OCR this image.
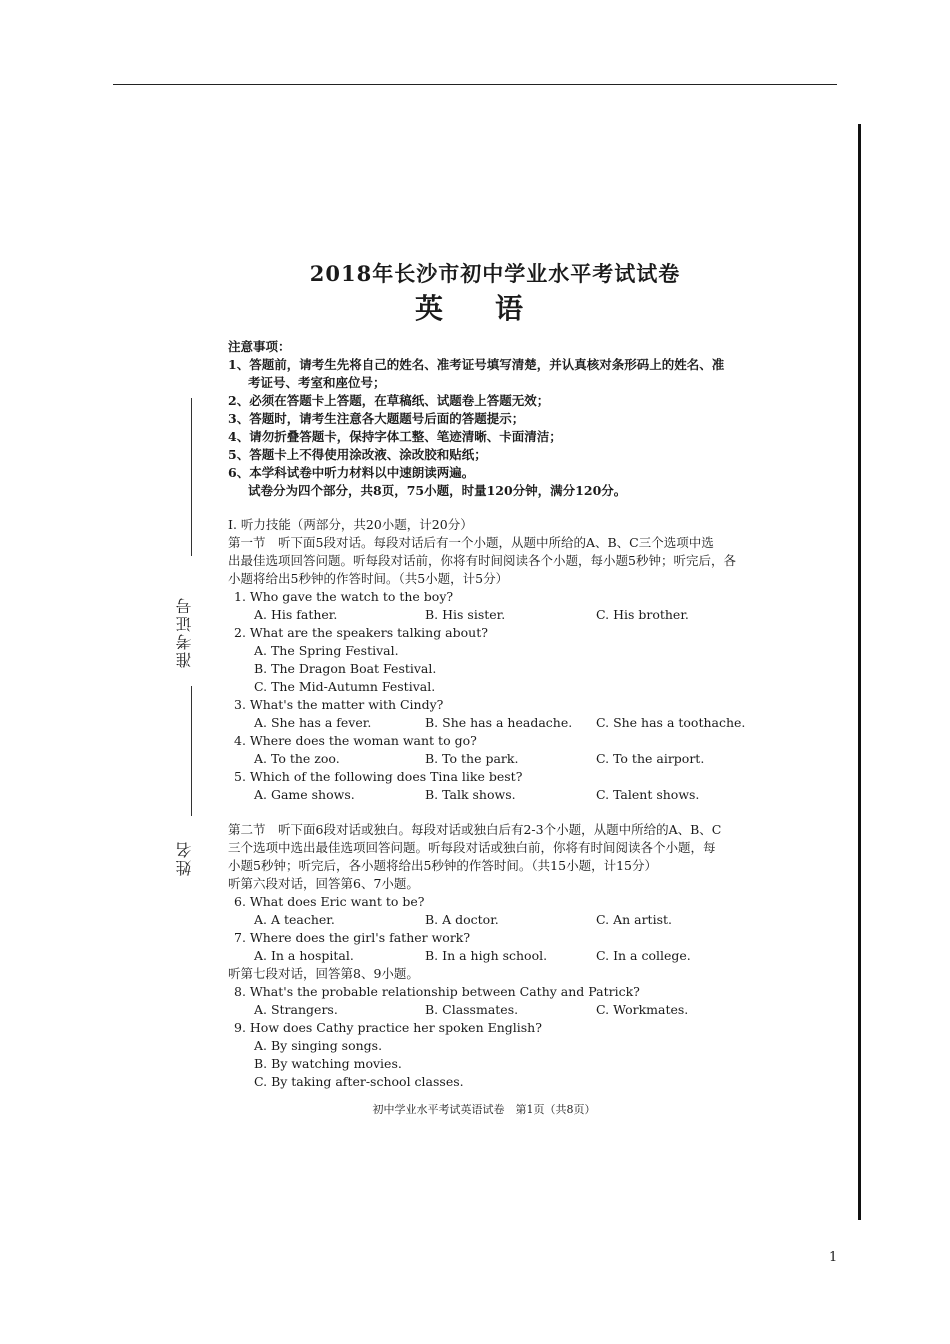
准考证号
姓名
2018年长沙市初中学业水平考试试卷
英语
注意事项：
1、答题前，请考生先将自己的姓名、准考证号填写清楚，并认真核对条形码上的姓名、准
考证号、考室和座位号；
2、必须在答题卡上答题，在草稿纸、试题卷上答题无效；
3、答题时，请考生注意各大题题号后面的答题提示；
4、请勿折叠答题卡，保持字体工整、笔迹清晰、卡面清洁；
5、答题卡上不得使用涂改液、涂改胶和贴纸；
6、本学科试卷中听力材料以中速朗读两遍。
试卷分为四个部分，共8页，75小题，时量120分钟，满分120分。
I. 听力技能（两部分，共20小题，计20分）
第一节　听下面5段对话。每段对话后有一个小题，从题中所给的A、B、C三个选项中选
出最佳选项回答问题。听每段对话前，你将有时间阅读各个小题，每小题5秒钟；听完后，各
小题将给出5秒钟的作答时间。（共5小题，计5分）
1. Who gave the watch to the boy?
A. His father.	B. His sister.	C. His brother.
2. What are the speakers talking about?
A. The Spring Festival.
B. The Dragon Boat Festival.
C. The Mid-Autumn Festival.
3. What's the matter with Cindy?
A. She has a fever.	B. She has a headache. C. She has a toothache.
4. Where does the woman want to go?
A. To the zoo.	B. To the park.	C. To the airport.
5. Which of the following does Tina like best?
A. Game shows.	B. Talk shows.	C. Talent shows.
第二节　听下面6段对话或独白。每段对话或独白后有2-3个小题，从题中所给的A、B、C
三个选项中选出最佳选项回答问题。听每段对话或独白前，你将有时间阅读各个小题，每
小题5秒钟；听完后，各小题将给出5秒钟的作答时间。（共15小题，计15分）
听第六段对话，回答第6、7小题。
6. What does Eric want to be?
A. A teacher.	B. A doctor.	C. An artist.
7. Where does the girl's father work?
A. In a hospital.	B. In a high school.	C. In a college.
听第七段对话，回答第8、9小题。
8. What's the probable relationship between Cathy and Patrick?
A. Strangers.	B. Classmates.	C. Workmates.
9. How does Cathy practice her spoken English?
A. By singing songs.
B. By watching movies.
C. By taking after-school classes.
初中学业水平考试英语试卷　第1页（共8页）
1
